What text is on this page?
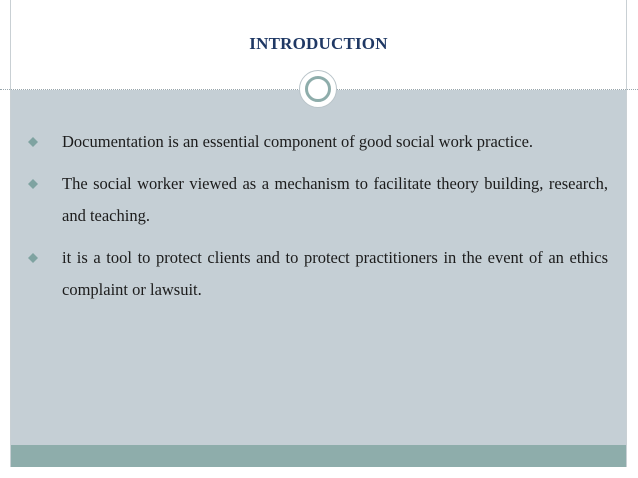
INTRODUCTION
Documentation is an essential component of good social work practice.
The social worker viewed as a mechanism to facilitate theory building, research, and teaching.
it is a tool to protect clients and to protect practitioners in the event of an ethics complaint or lawsuit.
